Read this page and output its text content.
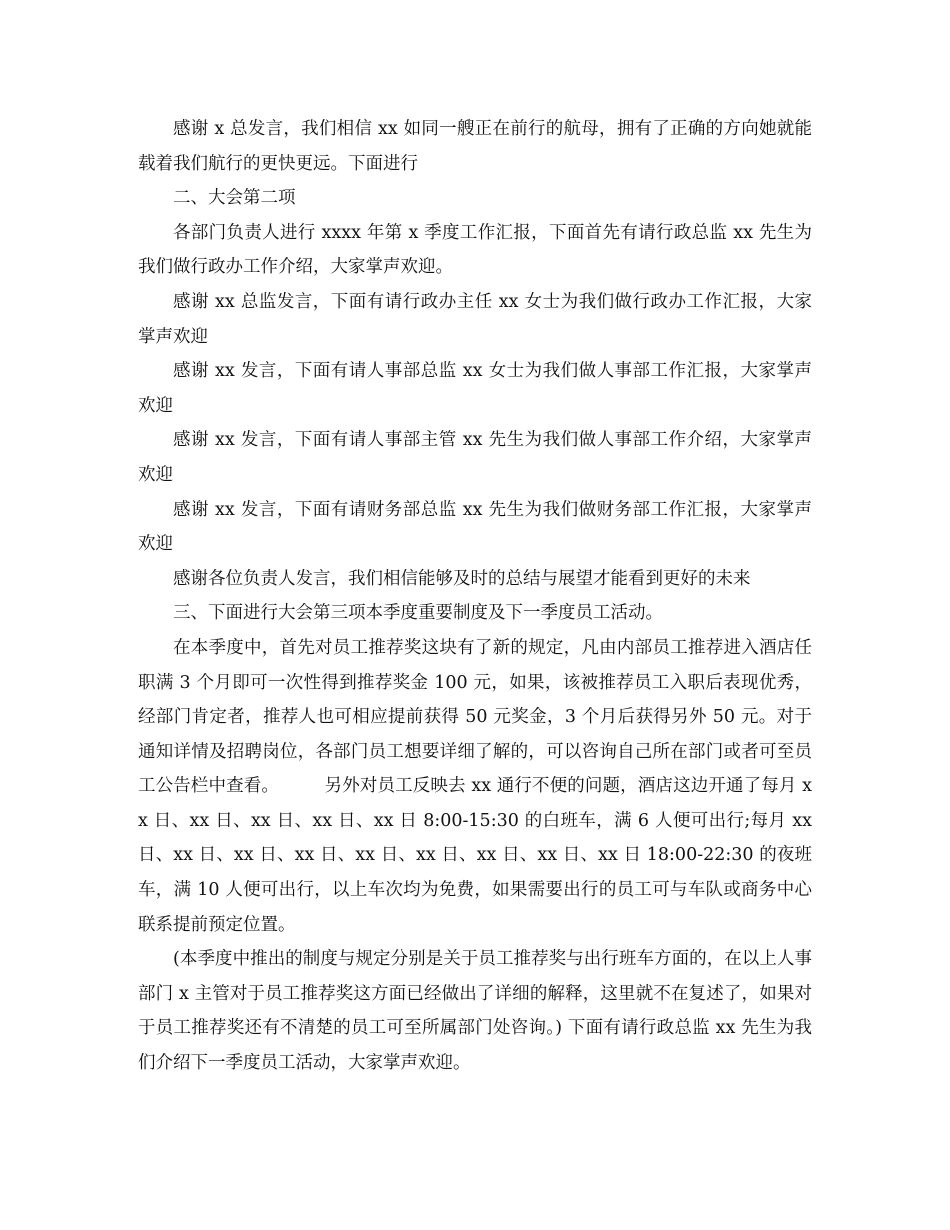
感谢 x 总发言，我们相信 xx 如同一艘正在前行的航母，拥有了正确的方向她就能载着我们航行的更快更远。下面进行

二、大会第二项

各部门负责人进行 xxxx 年第 x 季度工作汇报，下面首先有请行政总监 xx 先生为我们做行政办工作介绍，大家掌声欢迎。

感谢 xx 总监发言，下面有请行政办主任 xx 女士为我们做行政办工作汇报，大家掌声欢迎

感谢 xx 发言，下面有请人事部总监 xx 女士为我们做人事部工作汇报，大家掌声欢迎

感谢 xx 发言，下面有请人事部主管 xx 先生为我们做人事部工作介绍，大家掌声欢迎

感谢 xx 发言，下面有请财务部总监 xx 先生为我们做财务部工作汇报，大家掌声欢迎

感谢各位负责人发言，我们相信能够及时的总结与展望才能看到更好的未来

三、下面进行大会第三项本季度重要制度及下一季度员工活动。

在本季度中，首先对员工推荐奖这块有了新的规定，凡由内部员工推荐进入酒店任职满 3 个月即可一次性得到推荐奖金 100 元，如果，该被推荐员工入职后表现优秀，经部门肯定者，推荐人也可相应提前获得 50 元奖金，3 个月后获得另外 50 元。对于通知详情及招聘岗位，各部门员工想要详细了解的，可以咨询自己所在部门或者可至员工公告栏中查看。	另外对员工反映去 xx 通行不便的问题，酒店这边开通了每月 xx 日、xx 日、xx 日、xx 日、xx 日 8:00-15:30 的白班车，满 6 人便可出行;每月 xx 日、xx 日、xx 日、xx 日、xx 日、xx 日、xx 日、xx 日、xx 日 18:00-22:30 的夜班车，满 10 人便可出行，以上车次均为免费，如果需要出行的员工可与车队或商务中心联系提前预定位置。

(本季度中推出的制度与规定分别是关于员工推荐奖与出行班车方面的，在以上人事部门 x 主管对于员工推荐奖这方面已经做出了详细的解释，这里就不在复述了，如果对于员工推荐奖还有不清楚的员工可至所属部门处咨询。) 下面有请行政总监 xx 先生为我们介绍下一季度员工活动，大家掌声欢迎。
